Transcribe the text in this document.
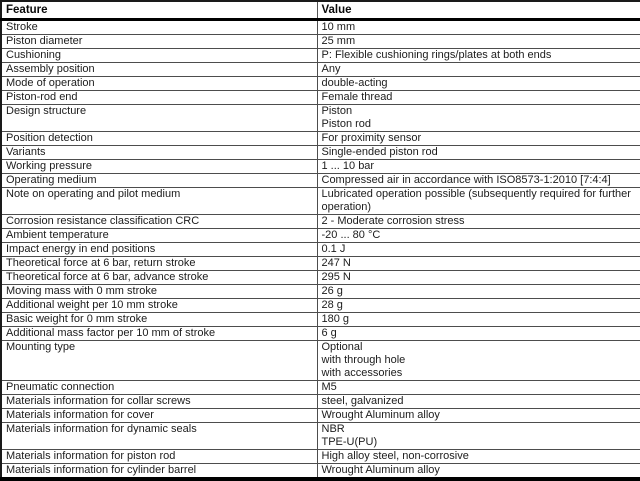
Feature	Value
Stroke	10 mm

Piston diameter	25 mm

Cushioning	P: Flexible cushioning rings/plates at both ends

Assembly position	Any

Mode of operation	double-acting

Piston-rod end	Female thread

Design structure	Piston
Piston rod

Position detection	For proximity sensor

Variants	Single-ended piston rod

Working pressure	1 ... 10 bar

Operating medium	Compressed air in accordance with ISO8573-1:2010 [7:4:4]

Note on operating and pilot medium	Lubricated operation possible (subsequently required for further
operation)

Corrosion resistance classification CRC	2 - Moderate corrosion stress

Ambient temperature	-20 ... 80 °C

Impact energy in end positions	0.1 J

Theoretical force at 6 bar, return stroke	247 N

Theoretical force at 6 bar, advance stroke	295 N

Moving mass with 0 mm stroke	26 g

Additional weight per 10 mm stroke	28 g

Basic weight for 0 mm stroke	180 g

Additional mass factor per 10 mm of stroke	6 g

Mounting type	Optional
with through hole
with accessories

Pneumatic connection	M5

Materials information for collar screws	steel, galvanized

Materials information for cover	Wrought Aluminum alloy

Materials information for dynamic seals	NBR
TPE-U(PU)

Materials information for piston rod	High alloy steel, non-corrosive

Materials information for cylinder barrel	Wrought Aluminum alloy
